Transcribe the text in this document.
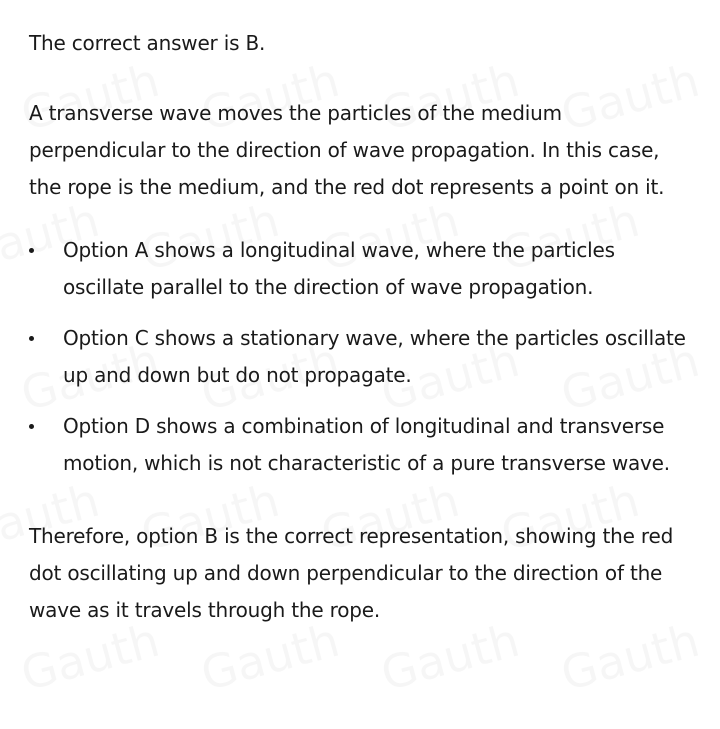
The correct answer is B.

A transverse wave moves the particles of the medium perpendicular to the direction of wave propagation. In this case, the rope is the medium, and the red dot represents a point on it.

Option A shows a longitudinal wave, where the particles oscillate parallel to the direction of wave propagation.
Option C shows a stationary wave, where the particles oscillate up and down but do not propagate.
Option D shows a combination of longitudinal and transverse motion, which is not characteristic of a pure transverse wave.

Therefore, option B is the correct representation, showing the red dot oscillating up and down perpendicular to the direction of the wave as it travels through the rope.
